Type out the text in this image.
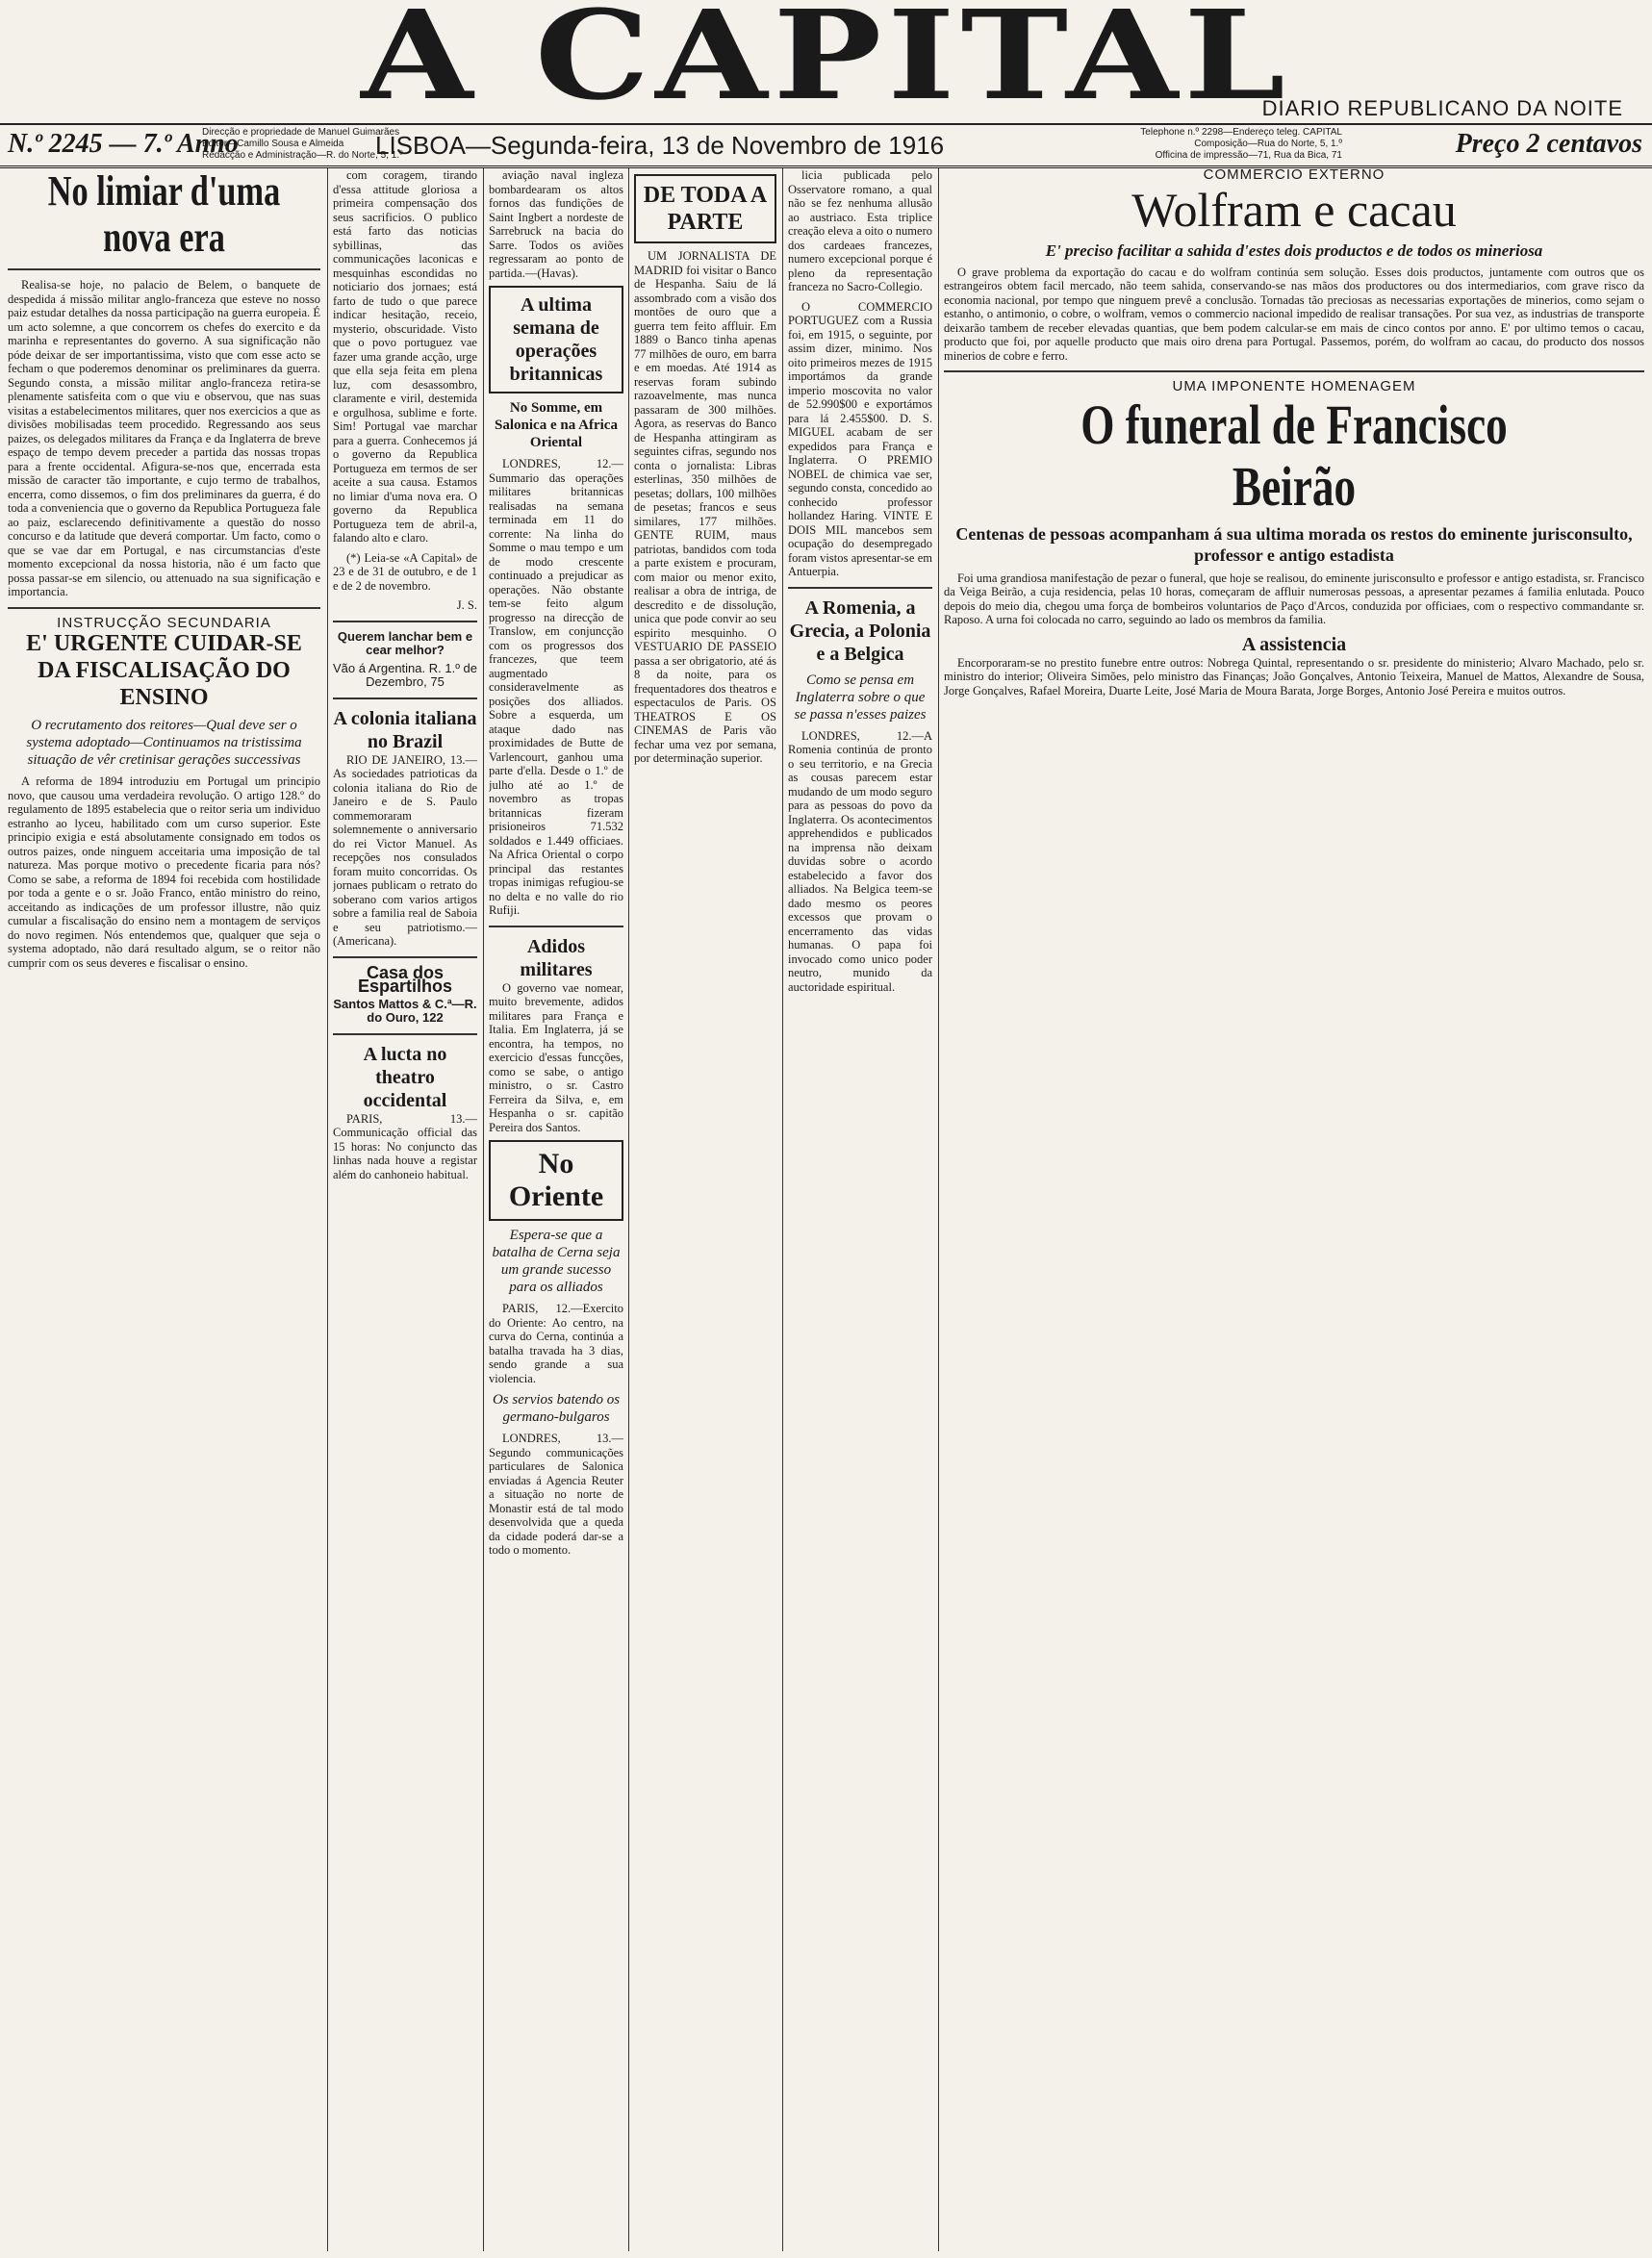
A CAPITAL
DIARIO REPUBLICANO DA NOITE
N.º 2245 — 7.º Anno
Direcção e propriedade de Manuel Guimarães
Editor—Camillo Sousa e Almeida
Redacção e Administração—R. do Norte, 5, 1.º
LISBOA—Segunda-feira, 13 de Novembro de 1916	Telephone n.º 2298—Endereço teleg. CAPITAL
Composição—Rua do Norte, 5, 1.º
Officina de impressão—71, Rua da Bica, 71	Preço 2 centavos
No limiar d'uma nova era

Realisa-se hoje, no palacio de Belem, o banquete de despedida á missão militar anglo-franceza que esteve no nosso paiz estudar detalhes da nossa participação na guerra europeia. É um acto solemne, a que concorrem os chefes do exercito e da marinha e representantes do governo. A sua significação não póde deixar de ser importantissima, visto que com esse acto se fecham o que poderemos denominar os preliminares da guerra. Segundo consta, a missão militar anglo-franceza retira-se plenamente satisfeita com o que viu e observou, que nas suas visitas a estabelecimentos militares, quer nos exercicios a que as divisões mobilisadas teem procedido. Regressando aos seus paizes, os delegados militares da França e da Inglaterra de breve espaço de tempo devem preceder a partida das nossas tropas para a frente occidental. Afigura-se-nos que, encerrada esta missão de caracter tão importante, e cujo termo de trabalhos, encerra, como dissemos, o fim dos preliminares da guerra, é do toda a conveniencia que o governo da Republica Portugueza fale ao paiz, esclarecendo definitivamente a questão do nosso concurso e da latitude que deverá comportar. Um facto, como o que se vae dar em Portugal, e nas circumstancias d'este momento excepcional da nossa historia, não é um facto que possa passar-se em silencio, ou attenuado na sua significação e importancia.

INSTRUCÇÃO SECUNDARIA
E' URGENTE CUIDAR-SE DA FISCALISAÇÃO DO ENSINO
O recrutamento dos reitores—Qual deve ser o systema adoptado—Continuamos na tristissima situação de vêr cretinisar gerações successivas

A reforma de 1894 introduziu em Portugal um principio novo, que causou uma verdadeira revolução. O artigo 128.º do regulamento de 1895 estabelecia que o reitor seria um individuo estranho ao lyceu, habilitado com um curso superior. Este principio exigia e está absolutamente consignado em todos os outros paizes, onde ninguem acceitaria uma imposição de tal natureza. Mas porque motivo o precedente ficaria para nós? Como se sabe, a reforma de 1894 foi recebida com hostilidade por toda a gente e o sr. João Franco, então ministro do reino, acceitando as indicações de um professor illustre, não quiz cumular a fiscalisação do ensino nem a montagem de serviços do novo regimen. Nós entendemos que, qualquer que seja o systema adoptado, não dará resultado algum, se o reitor não cumprir com os seus deveres e fiscalisar o ensino.

com coragem, tirando d'essa attitude gloriosa a primeira compensação dos seus sacrificios. O publico está farto das noticias sybillinas, das communicações laconicas e mesquinhas escondidas no noticiario dos jornaes; está farto de tudo o que parece indicar hesitação, receio, mysterio, obscuridade. Visto que o povo portuguez vae fazer uma grande acção, urge que ella seja feita em plena luz, com desassombro, claramente e viril, destemida e orgulhosa, sublime e forte. Sim! Portugal vae marchar para a guerra. Conhecemos já o governo da Republica Portugueza em termos de ser aceite a sua causa. Estamos no limiar d'uma nova era. O governo da Republica Portugueza tem de abril-a, falando alto e claro.

(*) Leia-se «A Capital» de 23 e de 31 de outubro, e de 1 e de 2 de novembro.

J. S.
Querem lanchar bem e cear melhor?
Vão á Argentina. R. 1.º de Dezembro, 75
A colonia italiana no Brazil

RIO DE JANEIRO, 13.—As sociedades patrioticas da colonia italiana do Rio de Janeiro e de S. Paulo commemoraram solemnemente o anniversario do rei Victor Manuel. As recepções nos consulados foram muito concorridas. Os jornaes publicam o retrato do soberano com varios artigos sobre a familia real de Saboia e seu patriotismo.—(Americana).

Casa dos Espartilhos
Santos Mattos & C.ª—R. do Ouro, 122
A lucta no theatro occidental

PARIS, 13.—Communicação official das 15 horas: No conjuncto das linhas nada houve a registar além do canhoneio habitual.

aviação naval ingleza bombardearam os altos fornos das fundições de Saint Ingbert a nordeste de Sarrebruck na bacia do Sarre. Todos os aviões regressaram ao ponto de partida.—(Havas).

A ultima semana de operações britannicas
No Somme, em Salonica e na Africa Oriental

LONDRES, 12.—Summario das operações militares britannicas realisadas na semana terminada em 11 do corrente: Na linha do Somme o mau tempo e um de modo crescente continuado a prejudicar as operações. Não obstante tem-se feito algum progresso na direcção de Translow, em conjuncção com os progressos dos francezes, que teem augmentado consideravelmente as posições dos alliados. Sobre a esquerda, um ataque dado nas proximidades de Butte de Varlencourt, ganhou uma parte d'ella. Desde o 1.º de julho até ao 1.º de novembro as tropas britannicas fizeram prisioneiros 71.532 soldados e 1.449 officiaes. Na Africa Oriental o corpo principal das restantes tropas inimigas refugiou-se no delta e no valle do rio Rufiji.

Adidos militares

O governo vae nomear, muito brevemente, adidos militares para França e Italia. Em Inglaterra, já se encontra, ha tempos, no exercicio d'essas funcções, como se sabe, o antigo ministro, o sr. Castro Ferreira da Silva, e, em Hespanha o sr. capitão Pereira dos Santos.

No Oriente
Espera-se que a batalha de Cerna seja um grande sucesso para os alliados

PARIS, 12.—Exercito do Oriente: Ao centro, na curva do Cerna, continúa a batalha travada ha 3 dias, sendo grande a sua violencia.

Os servios batendo os germano-bulgaros

LONDRES, 13.—Segundo communicações particulares de Salonica enviadas á Agencia Reuter a situação no norte de Monastir está de tal modo desenvolvida que a queda da cidade poderá dar-se a todo o momento.

DE TODA A PARTE

UM JORNALISTA DE MADRID foi visitar o Banco de Hespanha. Saiu de lá assombrado com a visão dos montões de ouro que a guerra tem feito affluir. Em 1889 o Banco tinha apenas 77 milhões de ouro, em barra e em moedas. Até 1914 as reservas foram subindo razoavelmente, mas nunca passaram de 300 milhões. Agora, as reservas do Banco de Hespanha attingiram as seguintes cifras, segundo nos conta o jornalista: Libras esterlinas, 350 milhões de pesetas; dollars, 100 milhões de pesetas; francos e seus similares, 177 milhões. GENTE RUIM, maus patriotas, bandidos com toda a parte existem e procuram, com maior ou menor exito, realisar a obra de intriga, de descredito e de dissolução, unica que pode convir ao seu espirito mesquinho. O VESTUARIO DE PASSEIO passa a ser obrigatorio, até ás 8 da noite, para os frequentadores dos theatros e espectaculos de Paris. OS THEATROS E OS CINEMAS de Paris vão fechar uma vez por semana, por determinação superior.

licia publicada pelo Osservatore romano, a qual não se fez nenhuma allusão ao austriaco. Esta triplice creação eleva a oito o numero dos cardeaes francezes, numero excepcional porque é pleno da representação franceza no Sacro-Collegio.

O COMMERCIO PORTUGUEZ com a Russia foi, em 1915, o seguinte, por assim dizer, minimo. Nos oito primeiros mezes de 1915 importámos da grande imperio moscovita no valor de 52.990$00 e exportámos para lá 2.455$00. D. S. MIGUEL acabam de ser expedidos para França e Inglaterra. O PREMIO NOBEL de chimica vae ser, segundo consta, concedido ao conhecido professor hollandez Haring. VINTE E DOIS MIL mancebos sem ocupação do desempregado foram vistos apresentar-se em Antuerpia.

A Romenia, a Grecia, a Polonia e a Belgica
Como se pensa em Inglaterra sobre o que se passa n'esses paizes

LONDRES, 12.—A Romenia continúa de pronto o seu territorio, e na Grecia as cousas parecem estar mudando de um modo seguro para as pessoas do povo da Inglaterra. Os acontecimentos apprehendidos e publicados na imprensa não deixam duvidas sobre o acordo estabelecido a favor dos alliados. Na Belgica teem-se dado mesmo os peores excessos que provam o encerramento das vidas humanas. O papa foi invocado como unico poder neutro, munido da auctoridade espiritual.

COMMERCIO EXTERNO
Wolfram e cacau
E' preciso facilitar a sahida d'estes dois productos e de todos os mineriosa

O grave problema da exportação do cacau e do wolfram continúa sem solução. Esses dois productos, juntamente com outros que os estrangeiros obtem facil mercado, não teem sahida, conservando-se nas mãos dos productores ou dos intermediarios, com grave risco da economia nacional, por tempo que ninguem prevê a conclusão. Tornadas tão preciosas as necessarias exportações de minerios, como sejam o estanho, o antimonio, o cobre, o wolfram, vemos o commercio nacional impedido de realisar transações. Por sua vez, as industrias de transporte deixarão tambem de receber elevadas quantias, que bem podem calcular-se em mais de cinco contos por anno. E' por ultimo temos o cacau, producto que foi, por aquelle producto que mais oiro drena para Portugal. Passemos, porém, do wolfram ao cacau, do producto dos nossos minerios de cobre e ferro.

UMA IMPONENTE HOMENAGEM
O funeral de Francisco Beirão
Centenas de pessoas acompanham á sua ultima morada os restos do eminente jurisconsulto, professor e antigo estadista

Foi uma grandiosa manifestação de pezar o funeral, que hoje se realisou, do eminente jurisconsulto e professor e antigo estadista, sr. Francisco da Veiga Beirão, a cuja residencia, pelas 10 horas, começaram de affluir numerosas pessoas, a apresentar pezames á familia enlutada. Pouco depois do meio dia, chegou uma força de bombeiros voluntarios de Paço d'Arcos, conduzida por officiaes, com o respectivo commandante sr. Raposo. A urna foi colocada no carro, seguindo ao lado os membros da familia.

A assistencia

Encorporaram-se no prestito funebre entre outros: Nobrega Quintal, representando o sr. presidente do ministerio; Alvaro Machado, pelo sr. ministro do interior; Oliveira Simões, pelo ministro das Finanças; João Gonçalves, Antonio Teixeira, Manuel de Mattos, Alexandre de Sousa, Jorge Gonçalves, Rafael Moreira, Duarte Leite, José Maria de Moura Barata, Jorge Borges, Antonio José Pereira e muitos outros.
